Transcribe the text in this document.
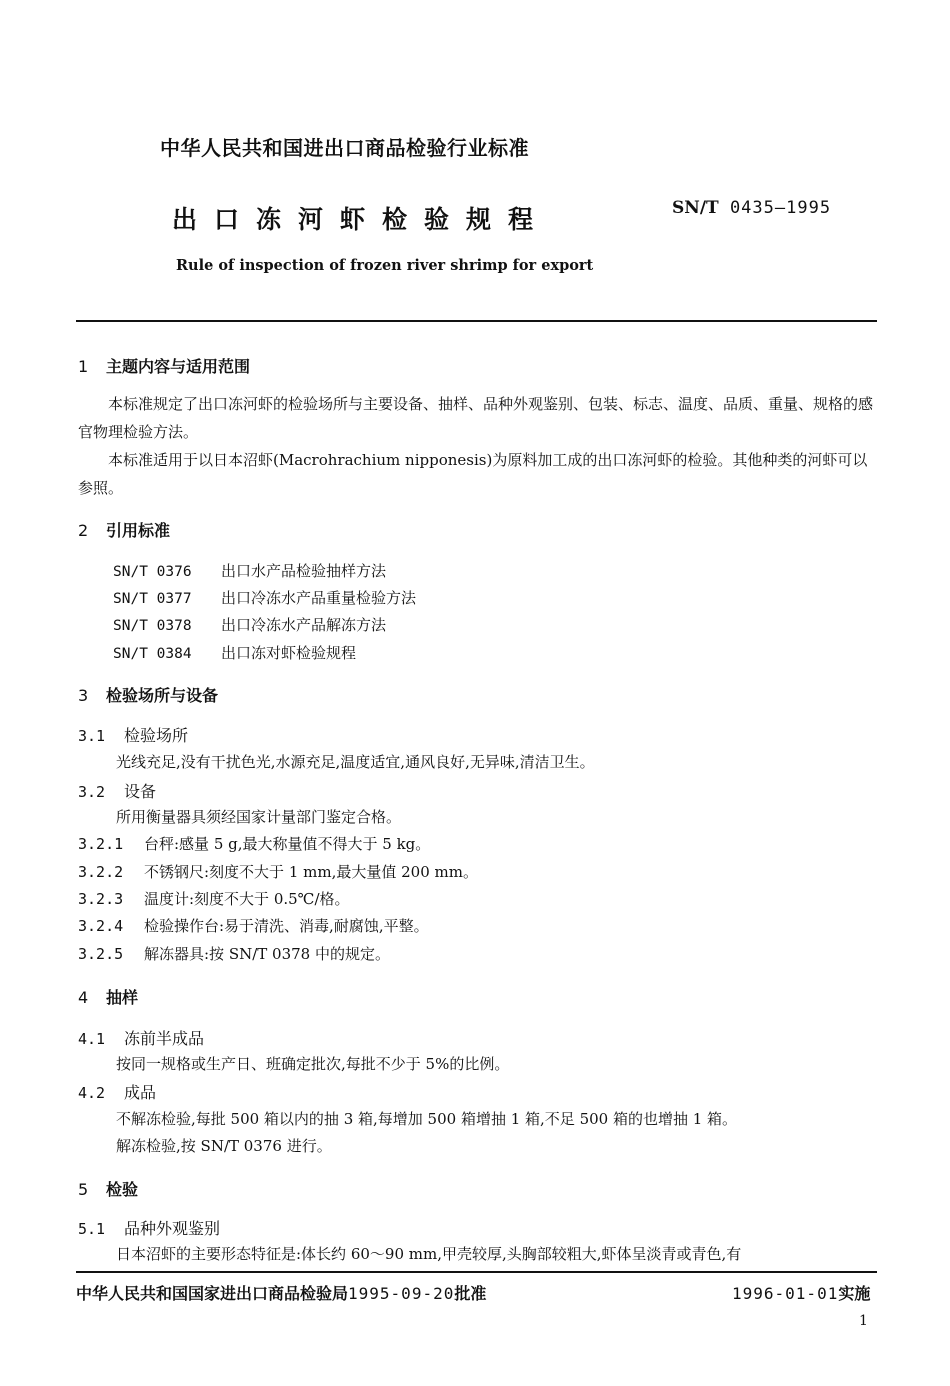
中华人民共和国进出口商品检验行业标准
出口冻河虾检验规程	SN/T 0435—1995
Rule of inspection of frozen river shrimp for export
1 主题内容与适用范围
本标准规定了出口冻河虾的检验场所与主要设备、抽样、品种外观鉴别、包装、标志、温度、品质、重量、规格的感官物理检验方法。
本标准适用于以日本沼虾(Macrohrachium nipponesis)为原料加工成的出口冻河虾的检验。其他种类的河虾可以参照。
2 引用标准
SN/T 0376 出口水产品检验抽样方法
SN/T 0377 出口冷冻水产品重量检验方法
SN/T 0378 出口冷冻水产品解冻方法
SN/T 0384 出口冻对虾检验规程
3 检验场所与设备
3.1 检验场所
光线充足,没有干扰色光,水源充足,温度适宜,通风良好,无异味,清洁卫生。
3.2 设备
所用衡量器具须经国家计量部门鉴定合格。
3.2.1 台秤:感量 5 g,最大称量值不得大于 5 kg。
3.2.2 不锈钢尺:刻度不大于 1 mm,最大量值 200 mm。
3.2.3 温度计:刻度不大于 0.5℃/格。
3.2.4 检验操作台:易于清洗、消毒,耐腐蚀,平整。
3.2.5 解冻器具:按 SN/T 0378 中的规定。
4 抽样
4.1 冻前半成品
按同一规格或生产日、班确定批次,每批不少于 5%的比例。
4.2 成品
不解冻检验,每批 500 箱以内的抽 3 箱,每增加 500 箱增抽 1 箱,不足 500 箱的也增抽 1 箱。
解冻检验,按 SN/T 0376 进行。
5 检验
5.1 品种外观鉴别
日本沼虾的主要形态特征是:体长约 60～90 mm,甲壳较厚,头胸部较粗大,虾体呈淡青或青色,有
中华人民共和国国家进出口商品检验局1995-09-20批准	1996-01-01实施
1
